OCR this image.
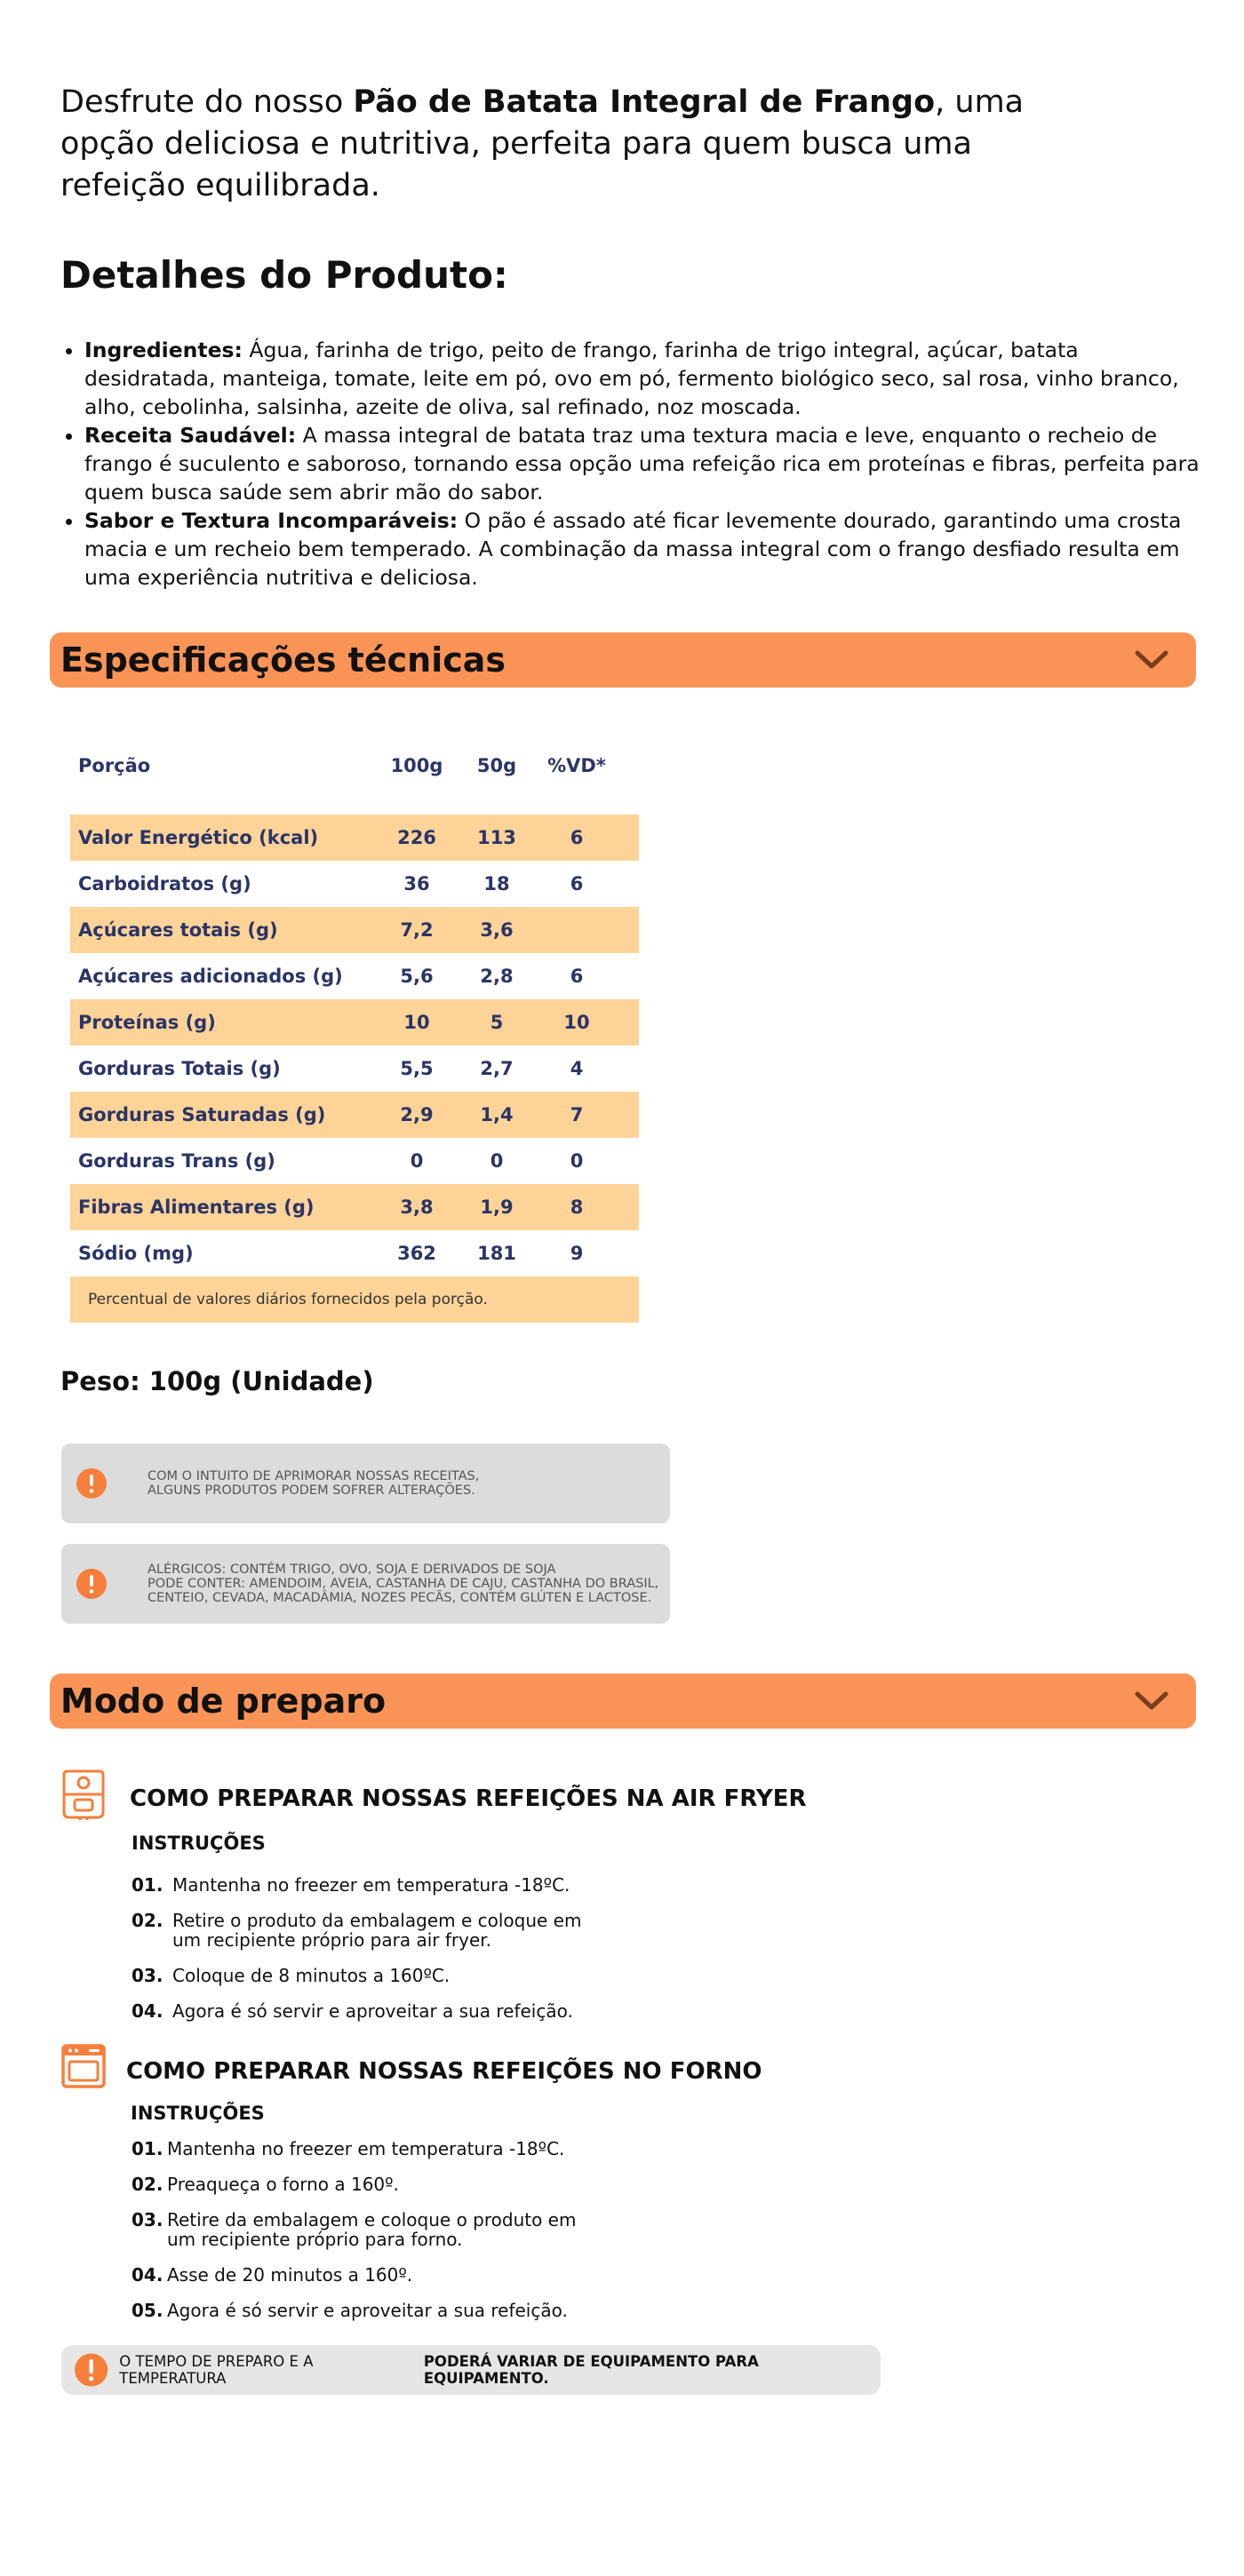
Desfrute do nosso Pão de Batata Integral de Frango, uma opção deliciosa e nutritiva, perfeita para quem busca uma refeição equilibrada.

Detalhes do Produto:
• Ingredientes: Água, farinha de trigo, peito de frango, farinha de trigo integral, açúcar, batata desidratada, manteiga, tomate, leite em pó, ovo em pó, fermento biológico seco, sal rosa, vinho branco, alho, cebolinha, salsinha, azeite de oliva, sal refinado, noz moscada.
• Receita Saudável: A massa integral de batata traz uma textura macia e leve, enquanto o recheio de frango é suculento e saboroso, tornando essa opção uma refeição rica em proteínas e fibras, perfeita para quem busca saúde sem abrir mão do sabor.
• Sabor e Textura Incomparáveis: O pão é assado até ficar levemente dourado, garantindo uma crosta macia e um recheio bem temperado. A combinação da massa integral com o frango desfiado resulta em uma experiência nutritiva e deliciosa.
Especificações técnicas
Porção	100g	50g	%VD*
Valor Energético (kcal)	226	113	6
Carboidratos (g)	36	18	6
Açúcares totais (g)	7,2	3,6
Açúcares adicionados (g)	5,6	2,8	6
Proteínas (g)	10	5	10
Gorduras Totais (g)	5,5	2,7	4
Gorduras Saturadas (g)	2,9	1,4	7
Gorduras Trans (g)	0	0	0
Fibras Alimentares (g)	3,8	1,9	8
Sódio (mg)	362	181	9
Percentual de valores diários fornecidos pela porção.
Peso: 100g (Unidade)
COM O INTUITO DE APRIMORAR NOSSAS RECEITAS,
ALGUNS PRODUTOS PODEM SOFRER ALTERAÇÕES.
ALÉRGICOS: CONTÉM TRIGO, OVO, SOJA E DERIVADOS DE SOJA
PODE CONTER: AMENDOIM, AVEIA, CASTANHA DE CAJU, CASTANHA DO BRASIL,
CENTEIO, CEVADA, MACADÂMIA, NOZES PECÃS, CONTÉM GLÚTEN E LACTOSE.
Modo de preparo
COMO PREPARAR NOSSAS REFEIÇÕES NA AIR FRYER
INSTRUÇÕES
01. Mantenha no freezer em temperatura -18ºC.
02. Retire o produto da embalagem e coloque em
um recipiente próprio para air fryer.
03. Coloque de 8 minutos a 160ºC.
04. Agora é só servir e aproveitar a sua refeição.
COMO PREPARAR NOSSAS REFEIÇÕES NO FORNO
INSTRUÇÕES
01. Mantenha no freezer em temperatura -18ºC.
02. Preaqueça o forno a 160º.
03. Retire da embalagem e coloque o produto em
um recipiente próprio para forno.
04. Asse de 20 minutos a 160º.
05. Agora é só servir e aproveitar a sua refeição.
O TEMPO DE PREPARO E A TEMPERATURA
PODERÁ VARIAR DE EQUIPAMENTO PARA EQUIPAMENTO.
